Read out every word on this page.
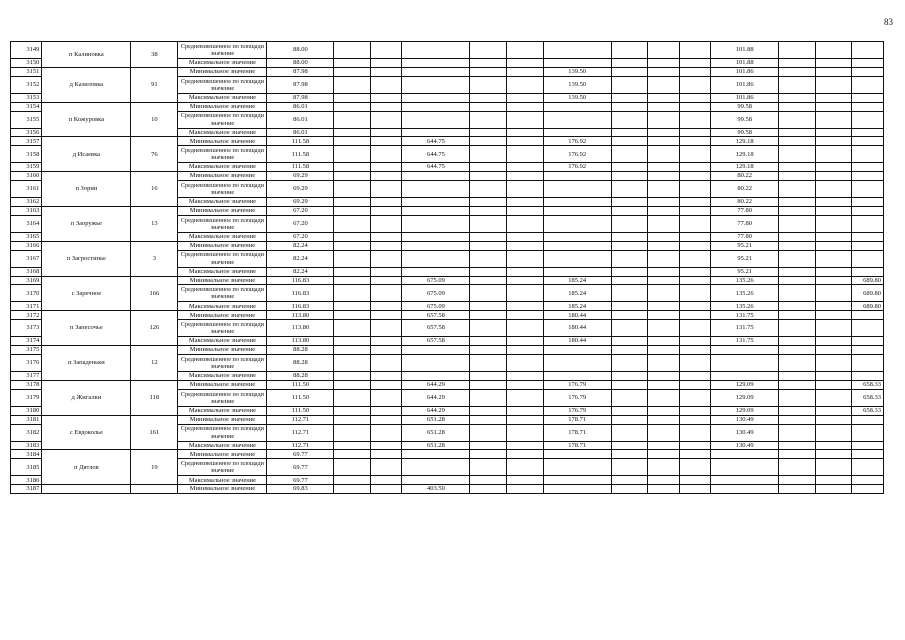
83
3149	п Калиновка	38	Средневзвешенное по площади значение	88.00										101.88			
3150			Максимальное значение	88.00										101.88			
3151	д Казиловка	91	Минимальное значение	87.98						139.50				101.86			
3152			Средневзвешенное по площади значение	87.98						139.50				101.86			
3153			Максимальное значение	87.98						139.50				101.86			
3154	п Кожуровка	10	Минимальное значение	86.01										99.58			
3155			Средневзвешенное по площади значение	86.01										99.58			
3156			Максимальное значение	86.01										99.58			
3157	д Исаевка	76	Минимальное значение	111.58			644.75			176.92				129.18			
3158			Средневзвешенное по площади значение	111.58			644.75			176.92				129.18			
3159			Максимальное значение	111.58			644.75			176.92				129.18			
3160	п Зорин	16	Минимальное значение	69.29										80.22			
3161			Средневзвешенное по площади значение	69.29										80.22			
3162			Максимальное значение	69.29										80.22			
3163	п Заоружье	13	Минимальное значение	67.20										77.80			
3164			Средневзвешенное по площади значение	67.20										77.80			
3165			Максимальное значение	67.20										77.80			
3166	п Загростинье	3	Минимальное значение	82.24										95.21			
3167			Средневзвешенное по площади значение	82.24										95.21			
3168			Максимальное значение	82.24										95.21			
3169	с Заречное	166	Минимальное значение	116.83			675.09			185.24				135.26			689.80
3170			Средневзвешенное по площади значение	116.83			675.09			185.24				135.26			689.80
3171			Максимальное значение	116.83			675.09			185.24				135.26			689.80
3172	п Запесочье	126	Минимальное значение	113.80			657.58			180.44				131.75			
3173			Средневзвешенное по площади значение	113.80			657.58			180.44				131.75			
3174			Максимальное значение	113.80			657.58			180.44				131.75			
3175	п Западеньки	12	Минимальное значение	88.28													
3176			Средневзвешенное по площади значение	88.28													
3177			Максимальное значение	88.28													
3178	д Жигалки	118	Минимальное значение	111.50			644.29			176.79				129.09			658.33
3179			Средневзвешенное по площади значение	111.50			644.29			176.79				129.09			658.33
3180			Максимальное значение	111.50			644.29			176.79				129.09			658.33
3181	с Евдоколье	161	Минимальное значение	112.71			651.28			178.71				130.49			
3182			Средневзвешенное по площади значение	112.71			651.28			178.71				130.49			
3183			Максимальное значение	112.71			651.28			178.71				130.49			
3184	п Дятлов	19	Минимальное значение	69.77													
3185			Средневзвешенное по площади значение	69.77													
3186			Максимальное значение	69.77													
3187			Минимальное значение	69.83			403.50										
